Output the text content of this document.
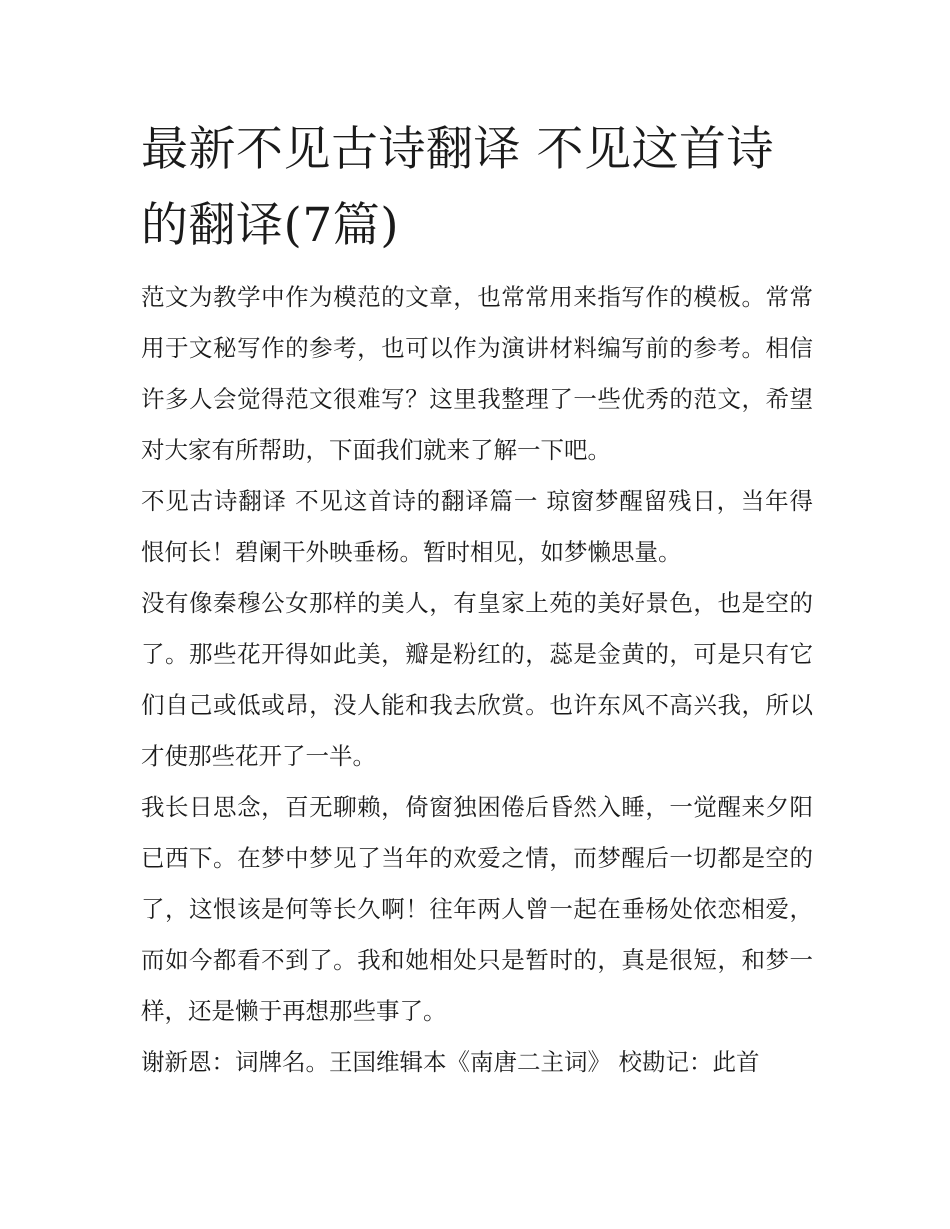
最新不见古诗翻译 不见这首诗的翻译(7篇)

范文为教学中作为模范的文章，也常常用来指写作的模板。常常用于文秘写作的参考，也可以作为演讲材料编写前的参考。相信许多人会觉得范文很难写？这里我整理了一些优秀的范文，希望对大家有所帮助，下面我们就来了解一下吧。

不见古诗翻译 不见这首诗的翻译篇一 琼窗梦醒留残日，当年得恨何长！碧阑干外映垂杨。暂时相见，如梦懒思量。

没有像秦穆公女那样的美人，有皇家上苑的美好景色，也是空的了。那些花开得如此美，瓣是粉红的，蕊是金黄的，可是只有它们自己或低或昂，没人能和我去欣赏。也许东风不高兴我，所以才使那些花开了一半。

我长日思念，百无聊赖，倚窗独困倦后昏然入睡，一觉醒来夕阳已西下。在梦中梦见了当年的欢爱之情，而梦醒后一切都是空的了，这恨该是何等长久啊！往年两人曾一起在垂杨处依恋相爱，而如今都看不到了。我和她相处只是暂时的，真是很短，和梦一样，还是懒于再想那些事了。

谢新恩：词牌名。王国维辑本《南唐二主词》 校勘记：此首
